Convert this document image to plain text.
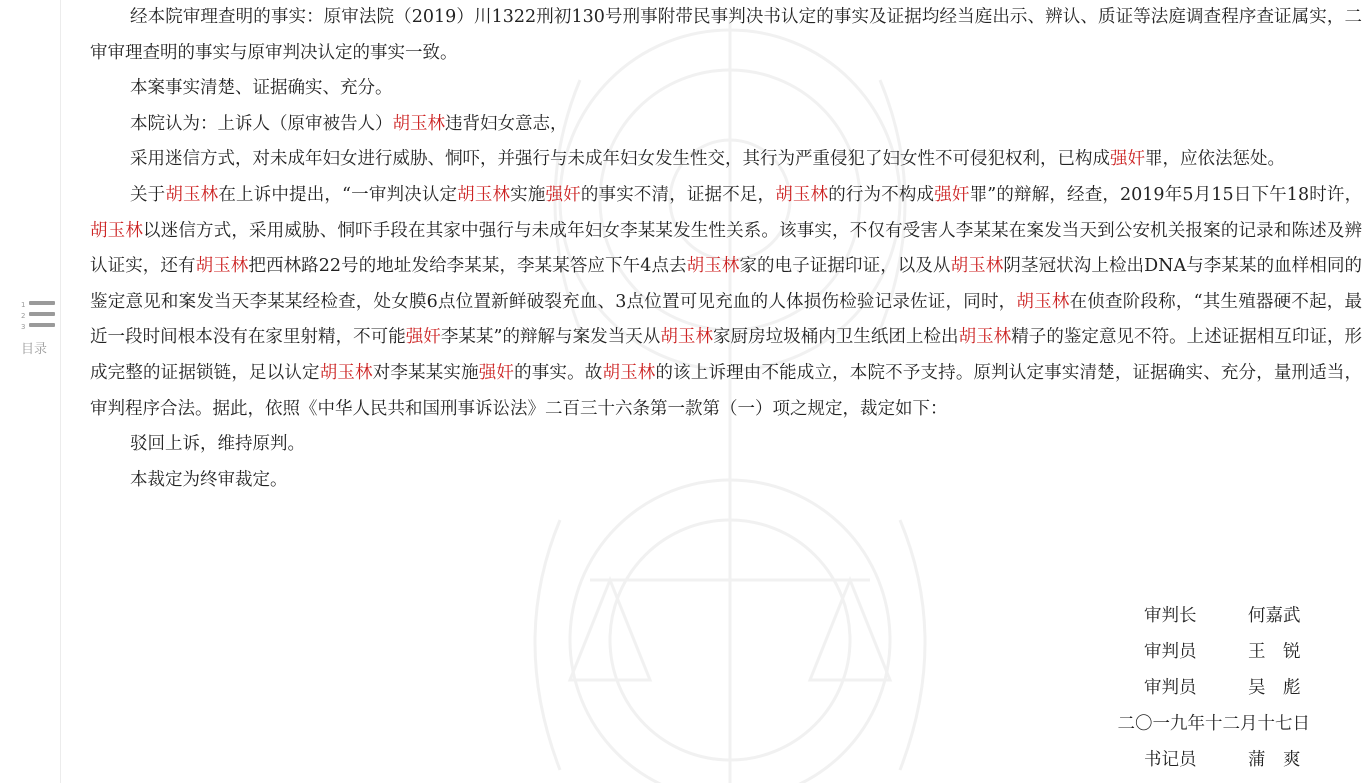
1
2
3
目录

经本院审理查明的事实：原审法院（2019）川1322刑初130号刑事附带民事判决书认定的事实及证据均经当庭出示、辨认、质证等法庭调查程序查证属实，二审审理查明的事实与原审判决认定的事实一致。

本案事实清楚、证据确实、充分。

本院认为：上诉人（原审被告人）胡玉林违背妇女意志，

采用迷信方式，对未成年妇女进行威胁、恫吓，并强行与未成年妇女发生性交，其行为严重侵犯了妇女性不可侵犯权利，已构成强奸罪，应依法惩处。

关于胡玉林在上诉中提出，“一审判决认定胡玉林实施强奸的事实不清，证据不足，胡玉林的行为不构成强奸罪”的辩解，经查，2019年5月15日下午18时许，胡玉林以迷信方式，采用威胁、恫吓手段在其家中强行与未成年妇女李某某发生性关系。该事实，不仅有受害人李某某在案发当天到公安机关报案的记录和陈述及辨认证实，还有胡玉林把西林路22号的地址发给李某某，李某某答应下午4点去胡玉林家的电子证据印证，以及从胡玉林阴茎冠状沟上检出DNA与李某某的血样相同的鉴定意见和案发当天李某某经检查，处女膜6点位置新鲜破裂充血、3点位置可见充血的人体损伤检验记录佐证，同时，胡玉林在侦查阶段称，“其生殖器硬不起，最近一段时间根本没有在家里射精，不可能强奸李某某”的辩解与案发当天从胡玉林家厨房垃圾桶内卫生纸团上检出胡玉林精子的鉴定意见不符。上述证据相互印证，形成完整的证据锁链，足以认定胡玉林对李某某实施强奸的事实。故胡玉林的该上诉理由不能成立，本院不予支持。原判认定事实清楚，证据确实、充分，量刑适当，审判程序合法。据此，依照《中华人民共和国刑事诉讼法》二百三十六条第一款第（一）项之规定，裁定如下：

驳回上诉，维持原判。

本裁定为终审裁定。

审判长	何嘉武
审判员	王　锐
审判员	吴　彪
二〇一九年十二月十七日
书记员	蒲　爽
